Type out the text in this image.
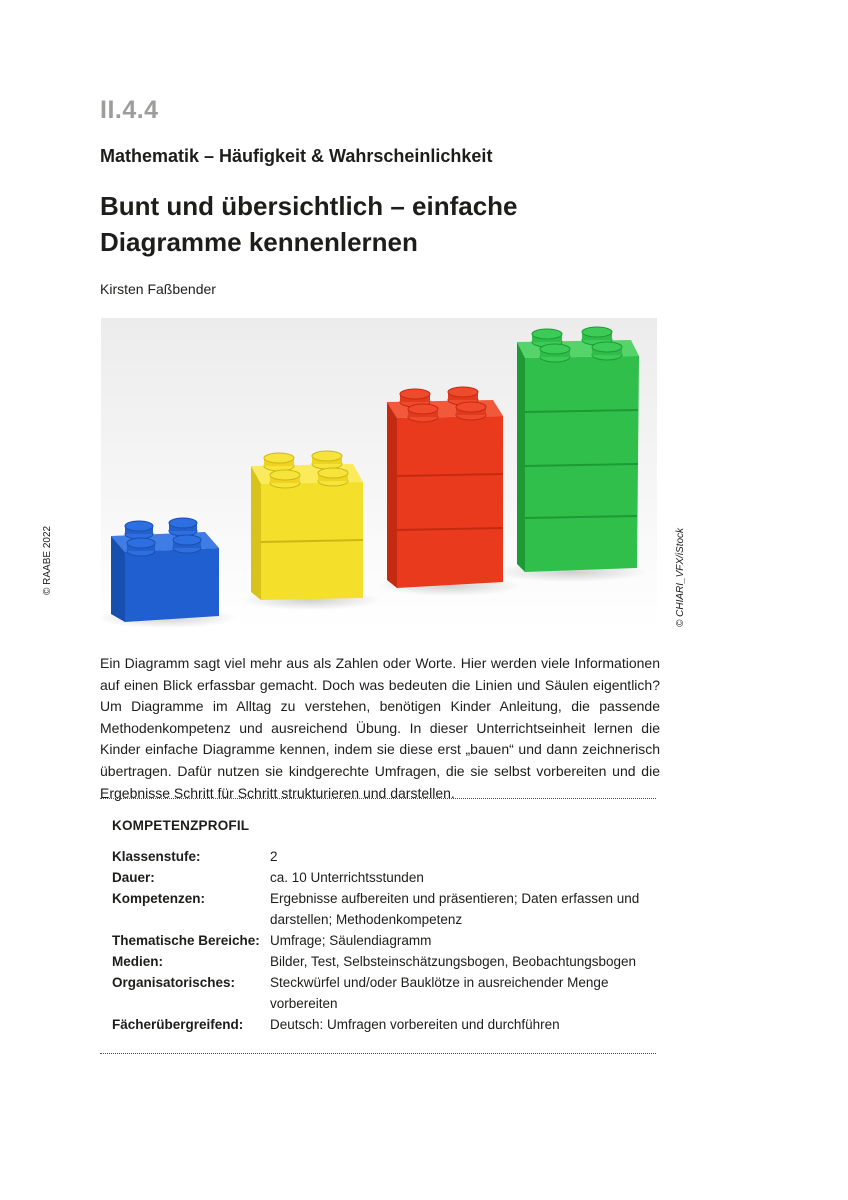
II.4.4
Mathematik – Häufigkeit & Wahrscheinlichkeit
Bunt und übersichtlich – einfache
Diagramme kennenlernen
Kirsten Faßbender
© RAABE 2022	© CHIARI_VFX/iStock

Ein Diagramm sagt viel mehr aus als Zahlen oder Worte. Hier werden viele Informationen auf einen Blick erfassbar gemacht. Doch was bedeuten die Linien und Säulen eigentlich? Um Diagramme im Alltag zu verstehen, benötigen Kinder Anleitung, die passende Methodenkompetenz und ausreichend Übung. In dieser Unterrichtseinheit lernen die Kinder einfache Diagramme kennen, indem sie diese erst „bauen“ und dann zeichnerisch übertragen. Dafür nutzen sie kindgerechte Umfragen, die sie selbst vorbereiten und die Ergebnisse Schritt für Schritt strukturieren und darstellen.

KOMPETENZPROFIL
Klassenstufe:	2
Dauer:	ca. 10 Unterrichtsstunden
Kompetenzen:	Ergebnisse aufbereiten und präsentieren; Daten erfassen und darstellen; Methodenkompetenz
Thematische Bereiche:	Umfrage; Säulendiagramm
Medien:	Bilder, Test, Selbsteinschätzungsbogen, Beobachtungsbogen
Organisatorisches:	Steckwürfel und/oder Bauklötze in ausreichender Menge vorbereiten
Fächerübergreifend:	Deutsch: Umfragen vorbereiten und durchführen
